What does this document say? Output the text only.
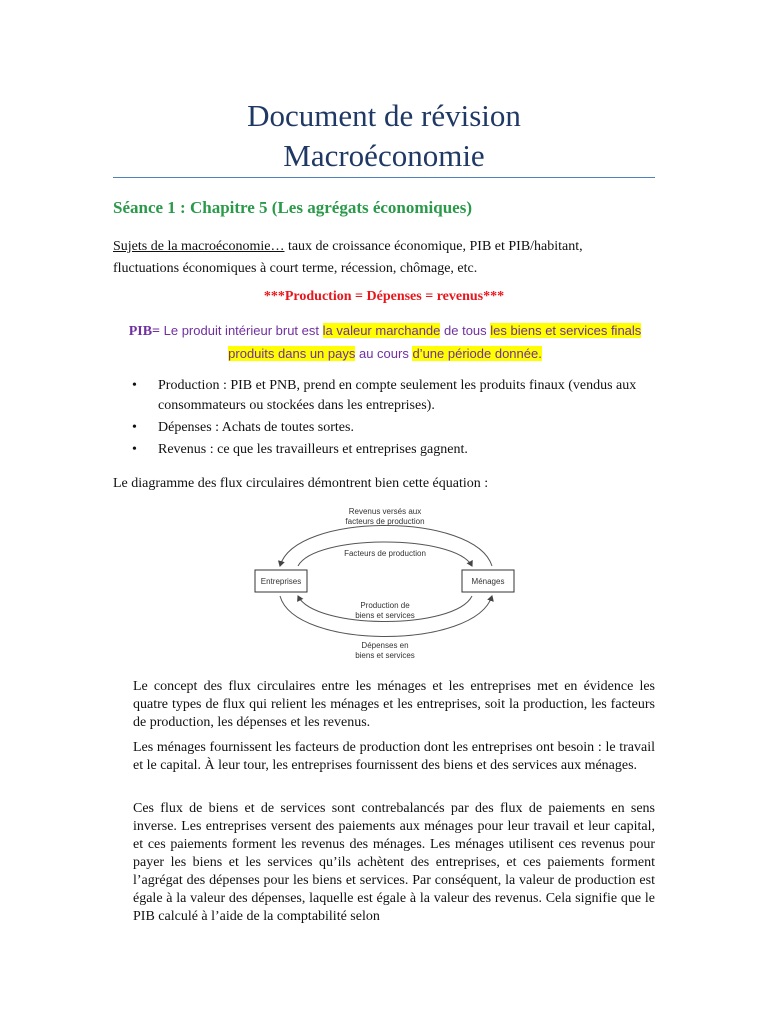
Document de révision
Macroéconomie
Séance 1 : Chapitre 5 (Les agrégats économiques)
Sujets de la macroéconomie… taux de croissance économique, PIB et PIB/habitant,
fluctuations économiques à court terme, récession, chômage, etc.
***Production = Dépenses = revenus***
PIB= Le produit intérieur brut est la valeur marchande de tous les biens et services finals
produits dans un pays au cours d’une période donnée.
• Production : PIB et PNB, prend en compte seulement les produits finaux (vendus aux consommateurs ou stockées dans les entreprises).
• Dépenses : Achats de toutes sortes.
• Revenus : ce que les travailleurs et entreprises gagnent.
Le diagramme des flux circulaires démontrent bien cette équation :
Revenus versés aux
facteurs de production
Facteurs de production
Entreprises	Ménages
Production de
biens et services
Dépenses en
biens et services

Le concept des flux circulaires entre les ménages et les entreprises met en évidence les quatre types de flux qui relient les ménages et les entreprises, soit la production, les facteurs de production, les dépenses et les revenus.

Les ménages fournissent les facteurs de production dont les entreprises ont besoin : le travail et le capital. À leur tour, les entreprises fournissent des biens et des services aux ménages.

Ces flux de biens et de services sont contrebalancés par des flux de paiements en sens inverse. Les entreprises versent des paiements aux ménages pour leur travail et leur capital, et ces paiements forment les revenus des ménages. Les ménages utilisent ces revenus pour payer les biens et les services qu’ils achètent des entreprises, et ces paiements forment l’agrégat des dépenses pour les biens et services. Par conséquent, la valeur de production est égale à la valeur des dépenses, laquelle est égale à la valeur des revenus. Cela signifie que le PIB calculé à l’aide de la comptabilité selon
